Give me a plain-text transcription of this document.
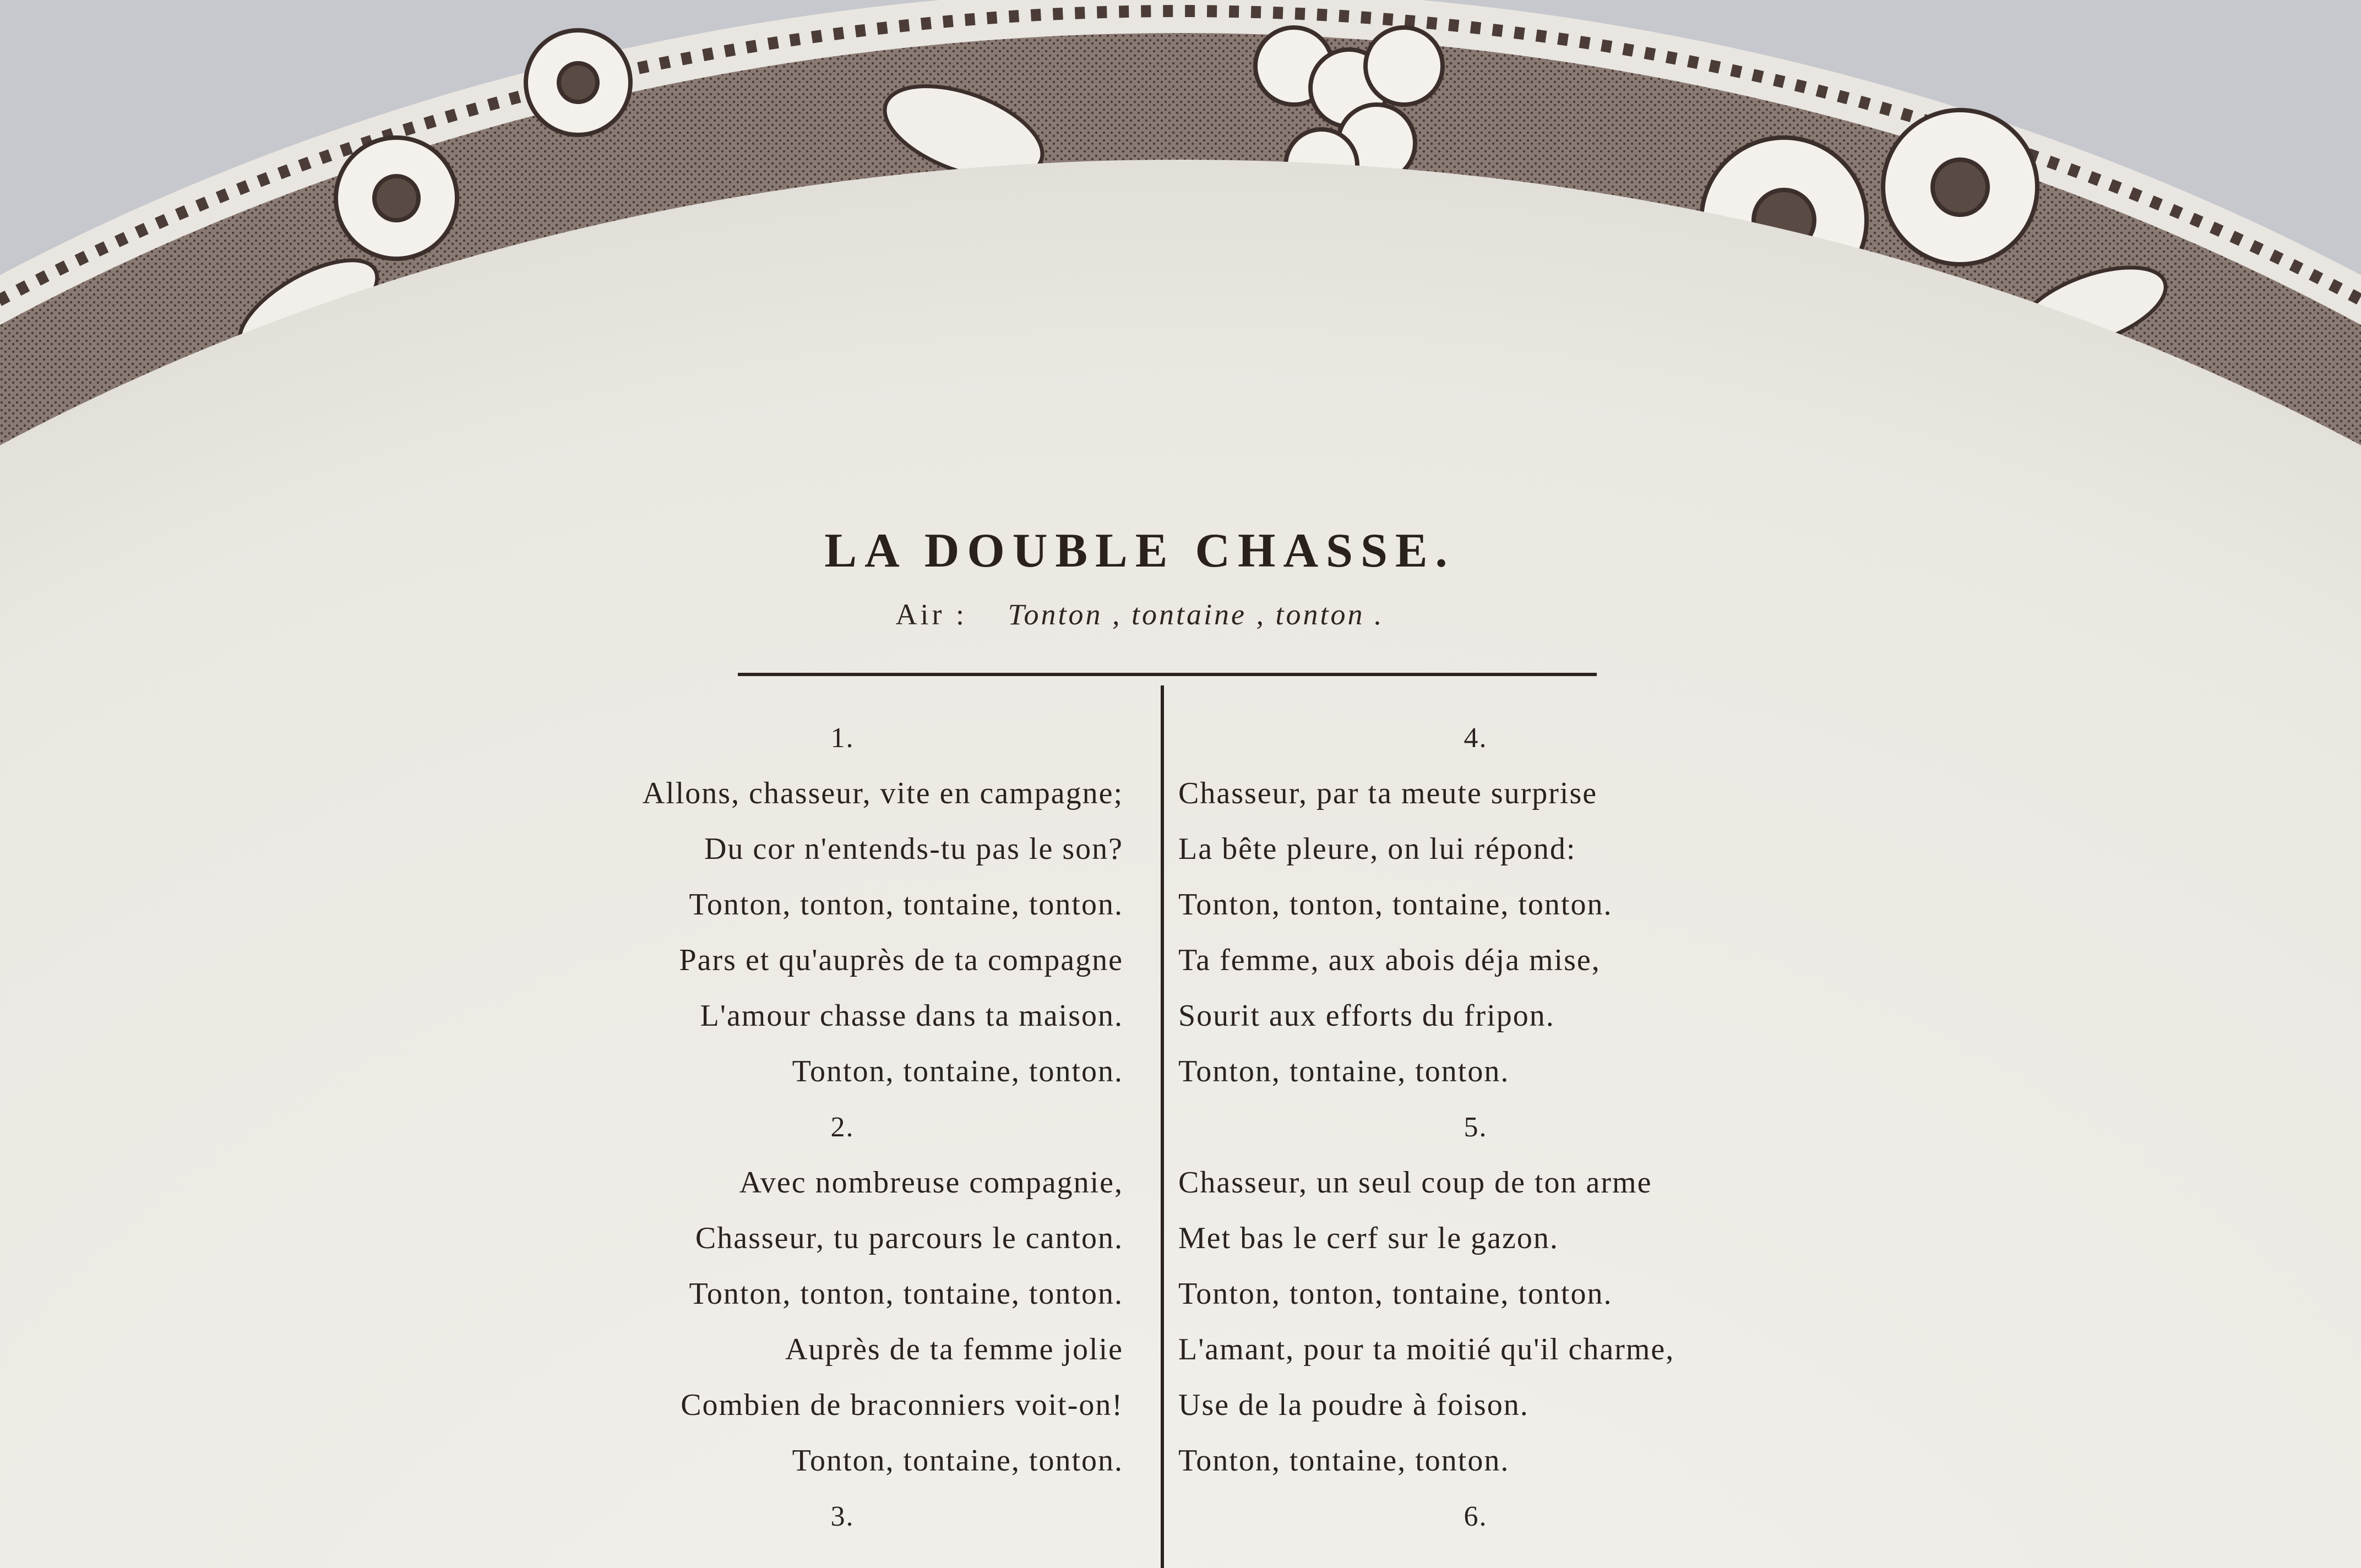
LA DOUBLE CHASSE.
Air : Tonton , tontaine , tonton .
1.
Allons, chasseur, vite en campagne;
Du cor n'entends-tu pas le son?
Tonton, tonton, tontaine, tonton.
Pars et qu'auprès de ta compagne
L'amour chasse dans ta maison.
Tonton, tontaine, tonton.
2.
Avec nombreuse compagnie,
Chasseur, tu parcours le canton.
Tonton, tonton, tontaine, tonton.
Auprès de ta femme jolie
Combien de braconniers voit-on!
Tonton, tontaine, tonton.
3.
4.
Chasseur, par ta meute surprise
La bête pleure, on lui répond:
Tonton, tonton, tontaine, tonton.
Ta femme, aux abois déja mise,
Sourit aux efforts du fripon.
Tonton, tontaine, tonton.
5.
Chasseur, un seul coup de ton arme
Met bas le cerf sur le gazon.
Tonton, tonton, tontaine, tonton.
L'amant, pour ta moitié qu'il charme,
Use de la poudre à foison.
Tonton, tontaine, tonton.
6.
